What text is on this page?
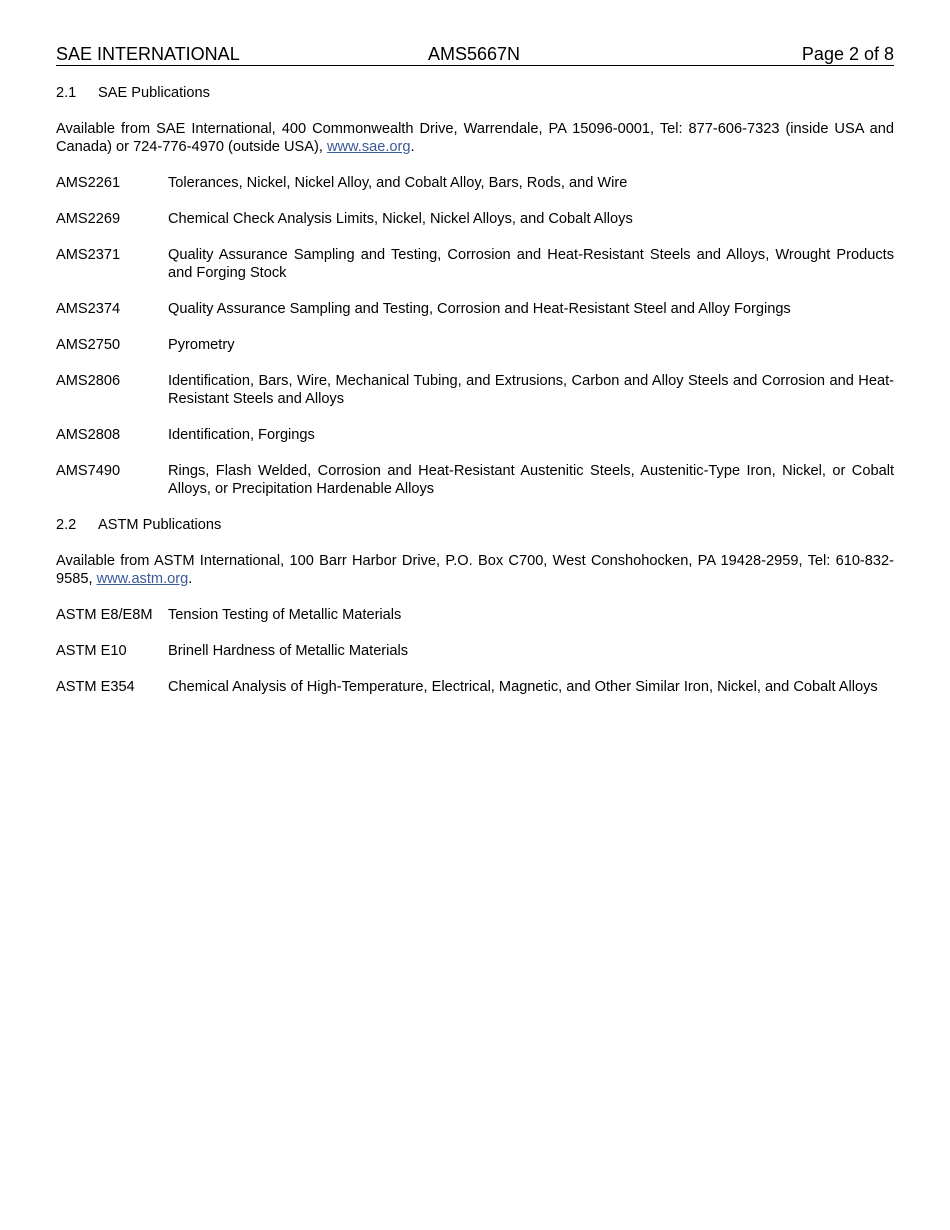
SAE INTERNATIONAL	AMS5667N	Page 2 of 8
2.1 SAE Publications
Available from SAE International, 400 Commonwealth Drive, Warrendale, PA 15096-0001, Tel: 877-606-7323 (inside USA and Canada) or 724-776-4970 (outside USA), www.sae.org.
AMS2261	Tolerances, Nickel, Nickel Alloy, and Cobalt Alloy, Bars, Rods, and Wire
AMS2269	Chemical Check Analysis Limits, Nickel, Nickel Alloys, and Cobalt Alloys
AMS2371	Quality Assurance Sampling and Testing, Corrosion and Heat-Resistant Steels and Alloys, Wrought Products and Forging Stock
AMS2374	Quality Assurance Sampling and Testing, Corrosion and Heat-Resistant Steel and Alloy Forgings
AMS2750	Pyrometry
AMS2806	Identification, Bars, Wire, Mechanical Tubing, and Extrusions, Carbon and Alloy Steels and Corrosion and Heat-Resistant Steels and Alloys
AMS2808	Identification, Forgings
AMS7490	Rings, Flash Welded, Corrosion and Heat-Resistant Austenitic Steels, Austenitic-Type Iron, Nickel, or Cobalt Alloys, or Precipitation Hardenable Alloys
2.2 ASTM Publications
Available from ASTM International, 100 Barr Harbor Drive, P.O. Box C700, West Conshohocken, PA 19428-2959, Tel: 610-832-9585, www.astm.org.
ASTM E8/E8M	Tension Testing of Metallic Materials
ASTM E10	Brinell Hardness of Metallic Materials
ASTM E354	Chemical Analysis of High-Temperature, Electrical, Magnetic, and Other Similar Iron, Nickel, and Cobalt Alloys
